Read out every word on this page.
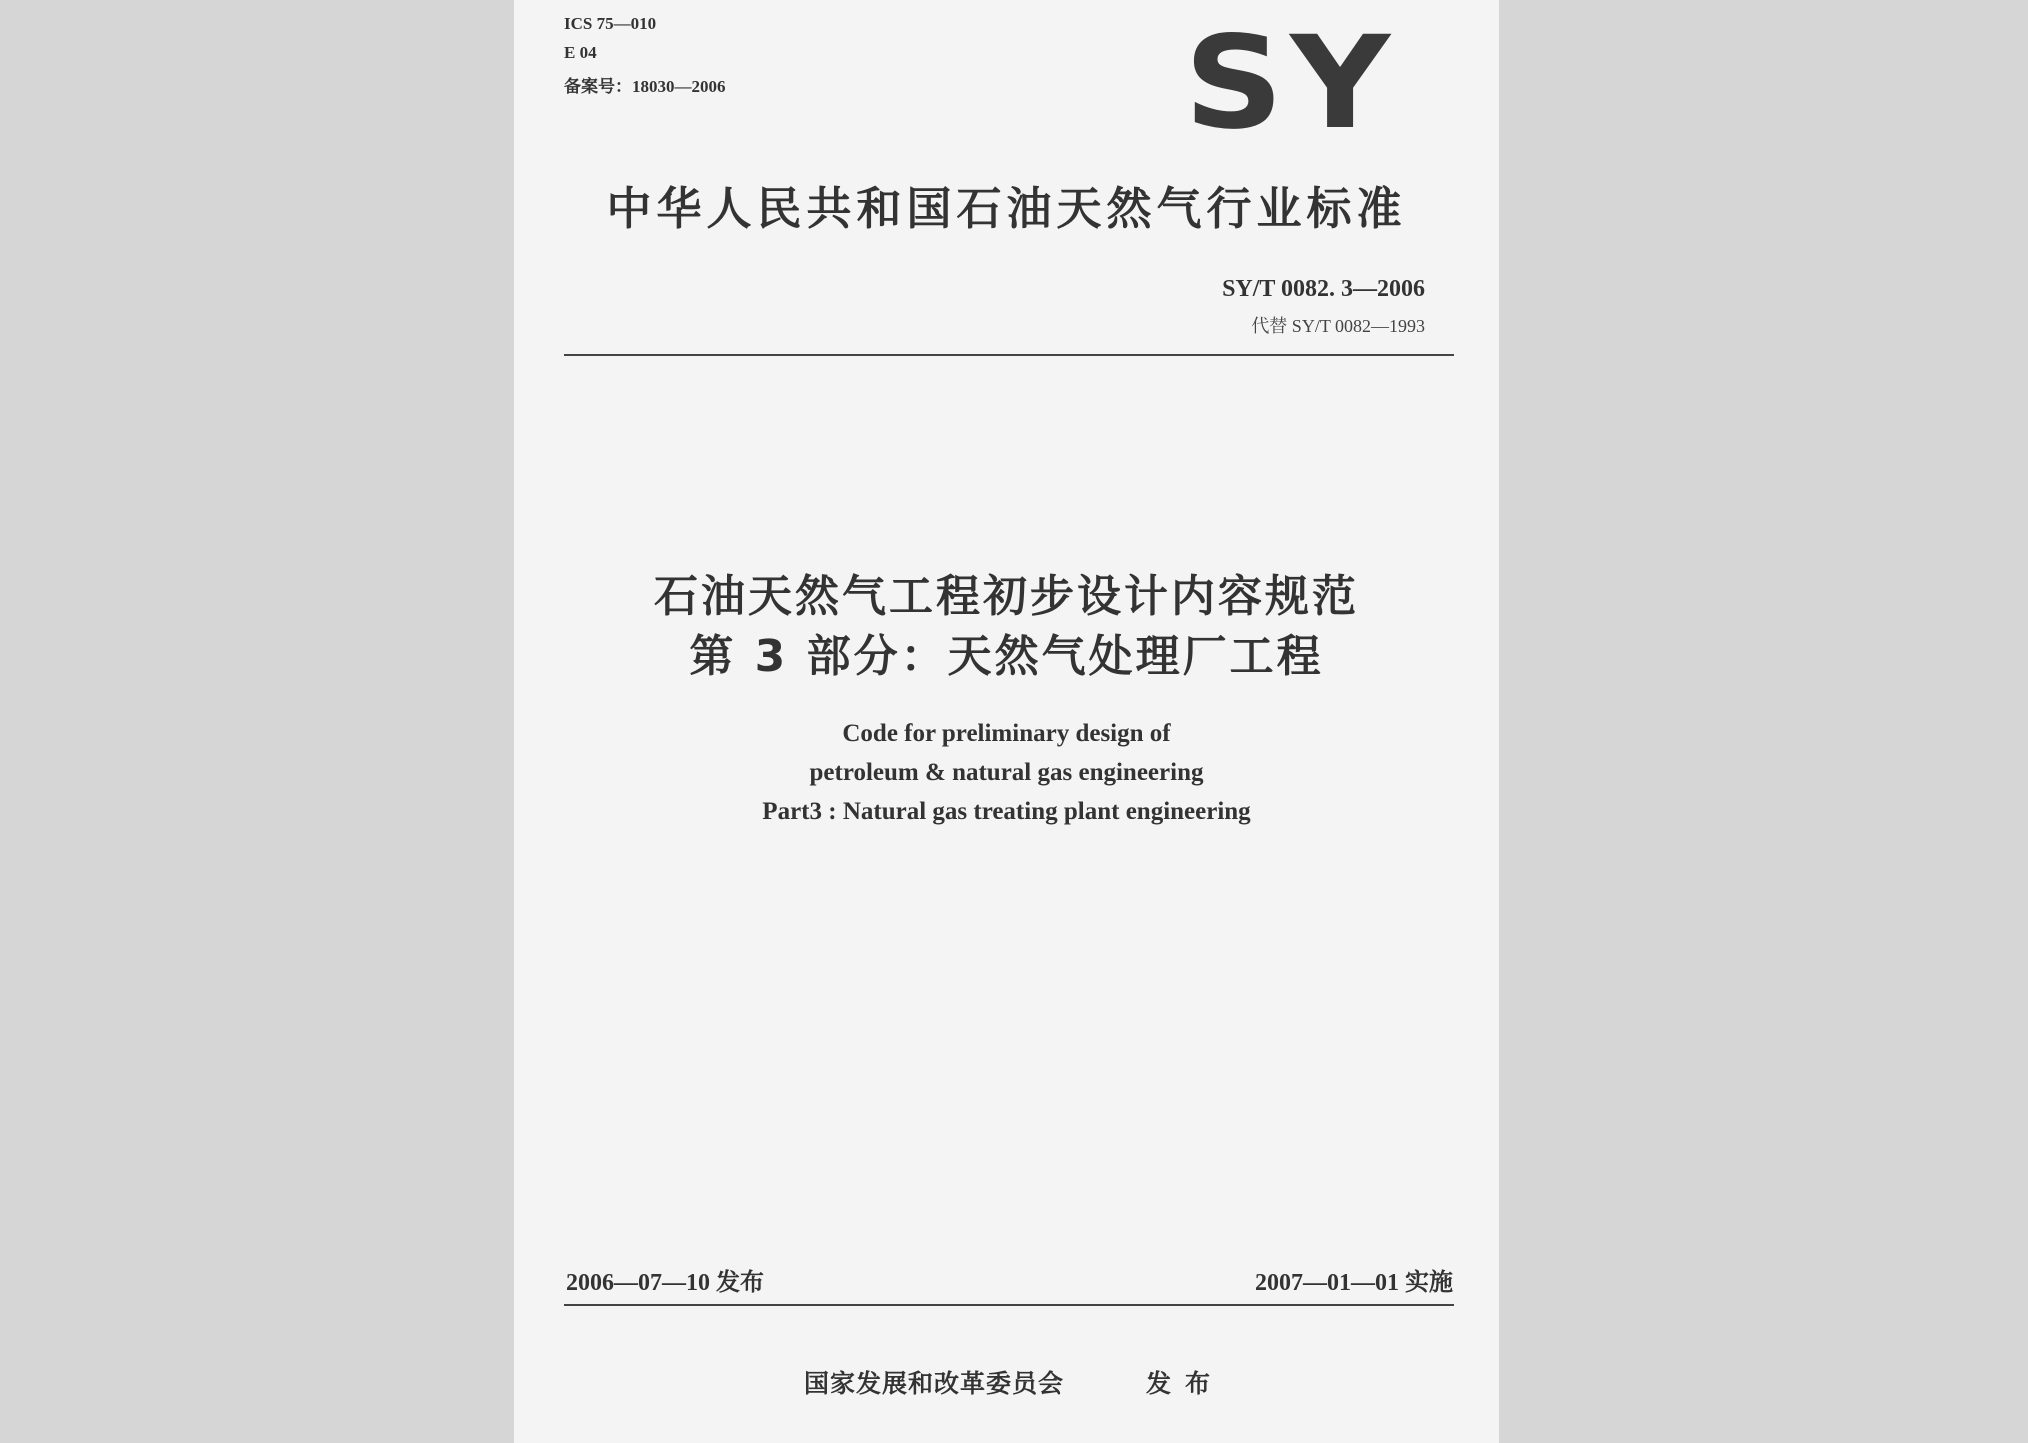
ICS 75—010
E 04
备案号：18030—2006	SY
中华人民共和国石油天然气行业标准
SY/T 0082. 3—2006
代替 SY/T 0082—1993
石油天然气工程初步设计内容规范
第 3 部分：天然气处理厂工程
Code for preliminary design of
petroleum & natural gas engineering
Part3 : Natural gas treating plant engineering
2006—07—10 发布	2007—01—01 实施
国家发展和改革委员会	发布
